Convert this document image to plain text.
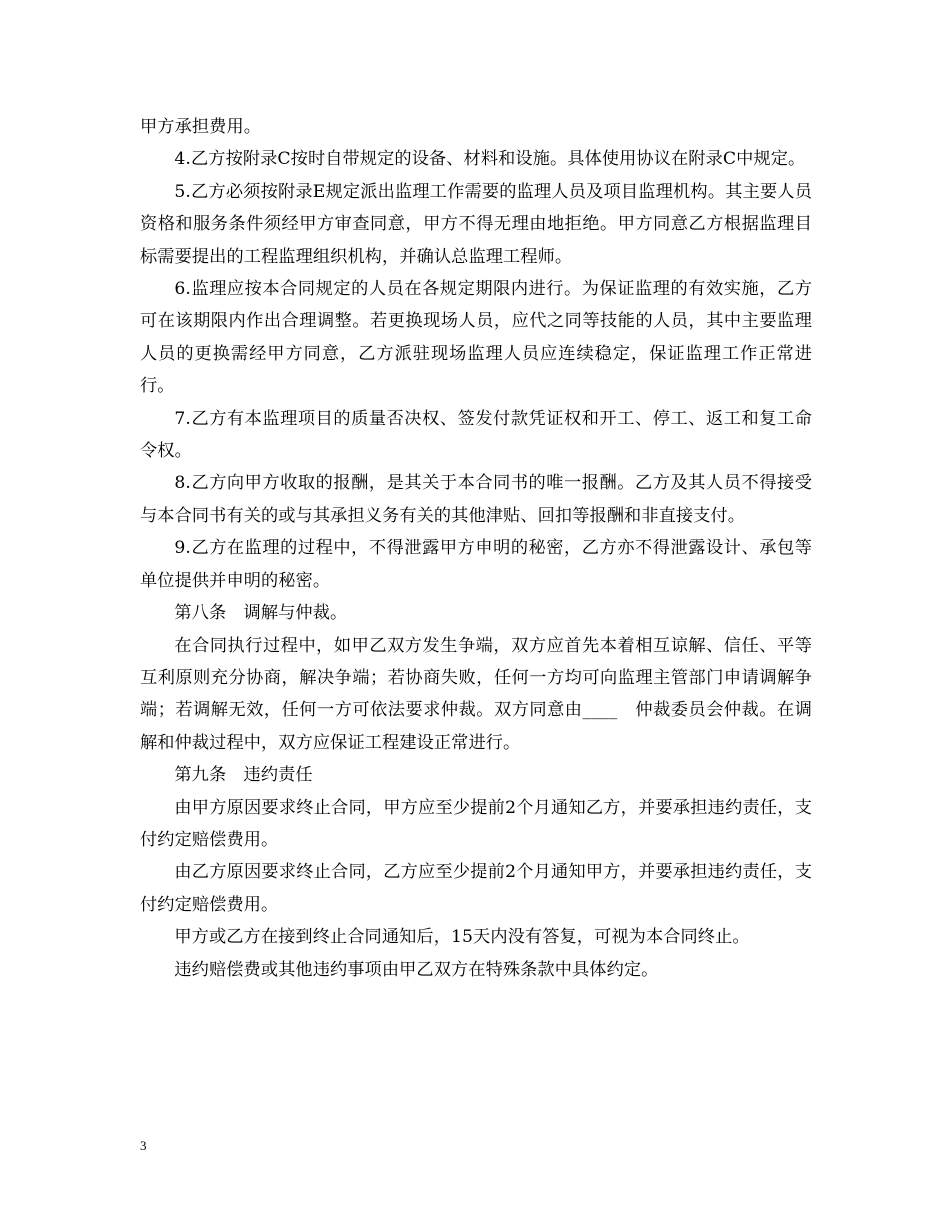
甲方承担费用。

4.乙方按附录C按时自带规定的设备、材料和设施。具体使用协议在附录C中规定。

5.乙方必须按附录E规定派出监理工作需要的监理人员及项目监理机构。其主要人员资格和服务条件须经甲方审查同意，甲方不得无理由地拒绝。甲方同意乙方根据监理目标需要提出的工程监理组织机构，并确认总监理工程师。

6.监理应按本合同规定的人员在各规定期限内进行。为保证监理的有效实施，乙方可在该期限内作出合理调整。若更换现场人员，应代之同等技能的人员，其中主要监理人员的更换需经甲方同意，乙方派驻现场监理人员应连续稳定，保证监理工作正常进行。

7.乙方有本监理项目的质量否决权、签发付款凭证权和开工、停工、返工和复工命令权。

8.乙方向甲方收取的报酬，是其关于本合同书的唯一报酬。乙方及其人员不得接受与本合同书有关的或与其承担义务有关的其他津贴、回扣等报酬和非直接支付。

9.乙方在监理的过程中，不得泄露甲方申明的秘密，乙方亦不得泄露设计、承包等单位提供并申明的秘密。

第八条　调解与仲裁。

在合同执行过程中，如甲乙双方发生争端，双方应首先本着相互谅解、信任、平等互利原则充分协商，解决争端；若协商失败，任何一方均可向监理主管部门申请调解争端；若调解无效，任何一方可依法要求仲裁。双方同意由____　仲裁委员会仲裁。在调解和仲裁过程中，双方应保证工程建设正常进行。

第九条　违约责任

由甲方原因要求终止合同，甲方应至少提前2个月通知乙方，并要承担违约责任，支付约定赔偿费用。

由乙方原因要求终止合同，乙方应至少提前2个月通知甲方，并要承担违约责任，支付约定赔偿费用。

甲方或乙方在接到终止合同通知后，15天内没有答复，可视为本合同终止。

违约赔偿费或其他违约事项由甲乙双方在特殊条款中具体约定。

3
